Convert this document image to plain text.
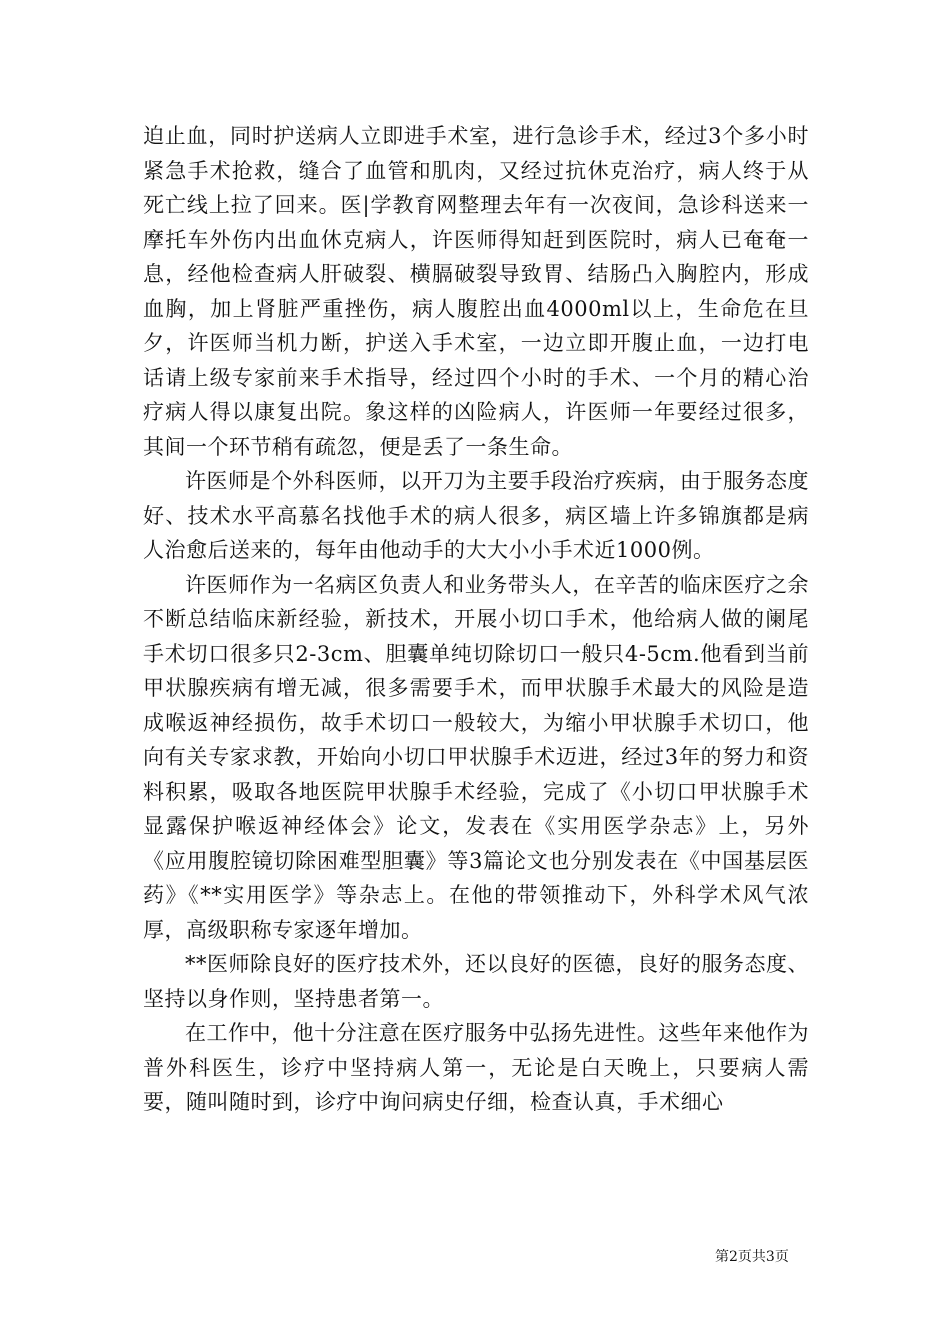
迫止血，同时护送病人立即进手术室，进行急诊手术，经过3个多小时紧急手术抢救，缝合了血管和肌肉，又经过抗休克治疗，病人终于从死亡线上拉了回来。医|学教育网整理去年有一次夜间，急诊科送来一摩托车外伤内出血休克病人，许医师得知赶到医院时，病人已奄奄一息，经他检查病人肝破裂、横膈破裂导致胃、结肠凸入胸腔内，形成血胸，加上肾脏严重挫伤，病人腹腔出血4000ml以上，生命危在旦夕，许医师当机力断，护送入手术室，一边立即开腹止血，一边打电话请上级专家前来手术指导，经过四个小时的手术、一个月的精心治疗病人得以康复出院。象这样的凶险病人，许医师一年要经过很多，其间一个环节稍有疏忽，便是丢了一条生命。

许医师是个外科医师，以开刀为主要手段治疗疾病，由于服务态度好、技术水平高慕名找他手术的病人很多，病区墙上许多锦旗都是病人治愈后送来的，每年由他动手的大大小小手术近1000例。

许医师作为一名病区负责人和业务带头人，在辛苦的临床医疗之余不断总结临床新经验，新技术，开展小切口手术，他给病人做的阑尾手术切口很多只2-3cm、胆囊单纯切除切口一般只4-5cm.他看到当前甲状腺疾病有增无减，很多需要手术，而甲状腺手术最大的风险是造成喉返神经损伤，故手术切口一般较大，为缩小甲状腺手术切口，他向有关专家求教，开始向小切口甲状腺手术迈进，经过3年的努力和资料积累，吸取各地医院甲状腺手术经验，完成了《小切口甲状腺手术显露保护喉返神经体会》论文，发表在《实用医学杂志》上，另外《应用腹腔镜切除困难型胆囊》等3篇论文也分别发表在《中国基层医药》《**实用医学》等杂志上。在他的带领推动下，外科学术风气浓厚，高级职称专家逐年增加。

**医师除良好的医疗技术外，还以良好的医德，良好的服务态度、坚持以身作则，坚持患者第一。

在工作中，他十分注意在医疗服务中弘扬先进性。这些年来他作为普外科医生，诊疗中坚持病人第一，无论是白天晚上，只要病人需要，随叫随时到，诊疗中询问病史仔细，检查认真，手术细心

第2页共3页
